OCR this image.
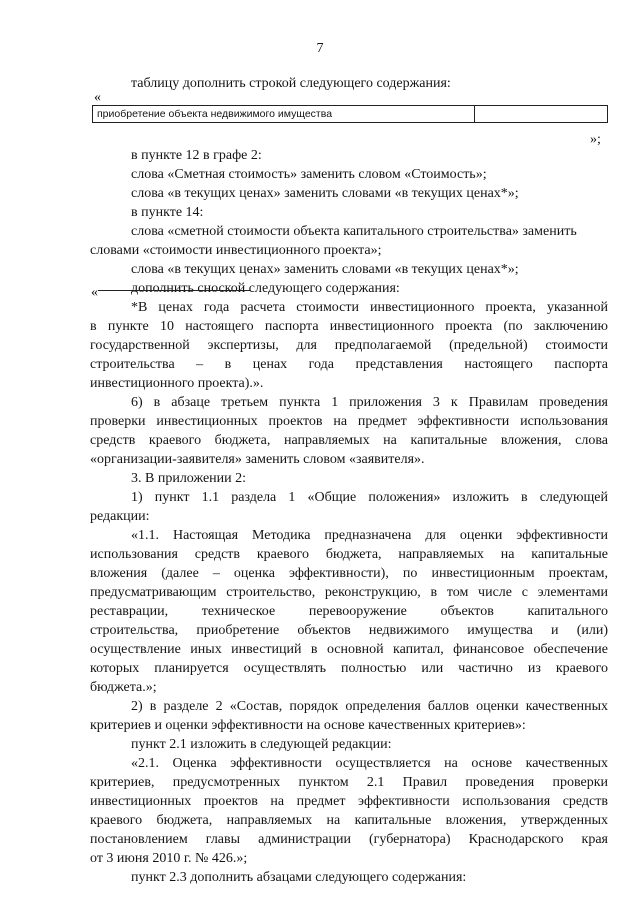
7
таблицу дополнить строкой следующего содержания:
«
приобретение объекта недвижимого имущества
»;
в пункте 12 в графе 2:
слова «Сметная стоимость» заменить словом «Стоимость»;
слова «в текущих ценах» заменить словами «в текущих ценах*»;
в пункте 14:
слова «сметной стоимости объекта капитального строительства» заменить
словами «стоимости инвестиционного проекта»;
слова «в текущих ценах» заменить словами «в текущих ценах*»;
дополнить сноской следующего содержания:
«
*В ценах года расчета стоимости инвестиционного проекта, указанной
в пункте 10 настоящего паспорта инвестиционного проекта (по заключению
государственной экспертизы, для предполагаемой (предельной) стоимости
строительства – в ценах года представления настоящего паспорта
инвестиционного проекта).».
6) в абзаце третьем пункта 1 приложения 3 к Правилам проведения
проверки инвестиционных проектов на предмет эффективности использования
средств краевого бюджета, направляемых на капитальные вложения, слова
«организации-заявителя» заменить словом «заявителя».
3. В приложении 2:
1) пункт 1.1 раздела 1 «Общие положения» изложить в следующей
редакции:
«1.1. Настоящая Методика предназначена для оценки эффективности
использования средств краевого бюджета, направляемых на капитальные
вложения (далее – оценка эффективности), по инвестиционным проектам,
предусматривающим строительство, реконструкцию, в том числе с элементами
реставрации, техническое перевооружение объектов капитального
строительства, приобретение объектов недвижимого имущества и (или)
осуществление иных инвестиций в основной капитал, финансовое обеспечение
которых планируется осуществлять полностью или частично из краевого
бюджета.»;
2) в разделе 2 «Состав, порядок определения баллов оценки качественных
критериев и оценки эффективности на основе качественных критериев»:
пункт 2.1 изложить в следующей редакции:
«2.1. Оценка эффективности осуществляется на основе качественных
критериев, предусмотренных пунктом 2.1 Правил проведения проверки
инвестиционных проектов на предмет эффективности использования средств
краевого бюджета, направляемых на капитальные вложения, утвержденных
постановлением главы администрации (губернатора) Краснодарского края
от 3 июня 2010 г. № 426.»;
пункт 2.3 дополнить абзацами следующего содержания:
